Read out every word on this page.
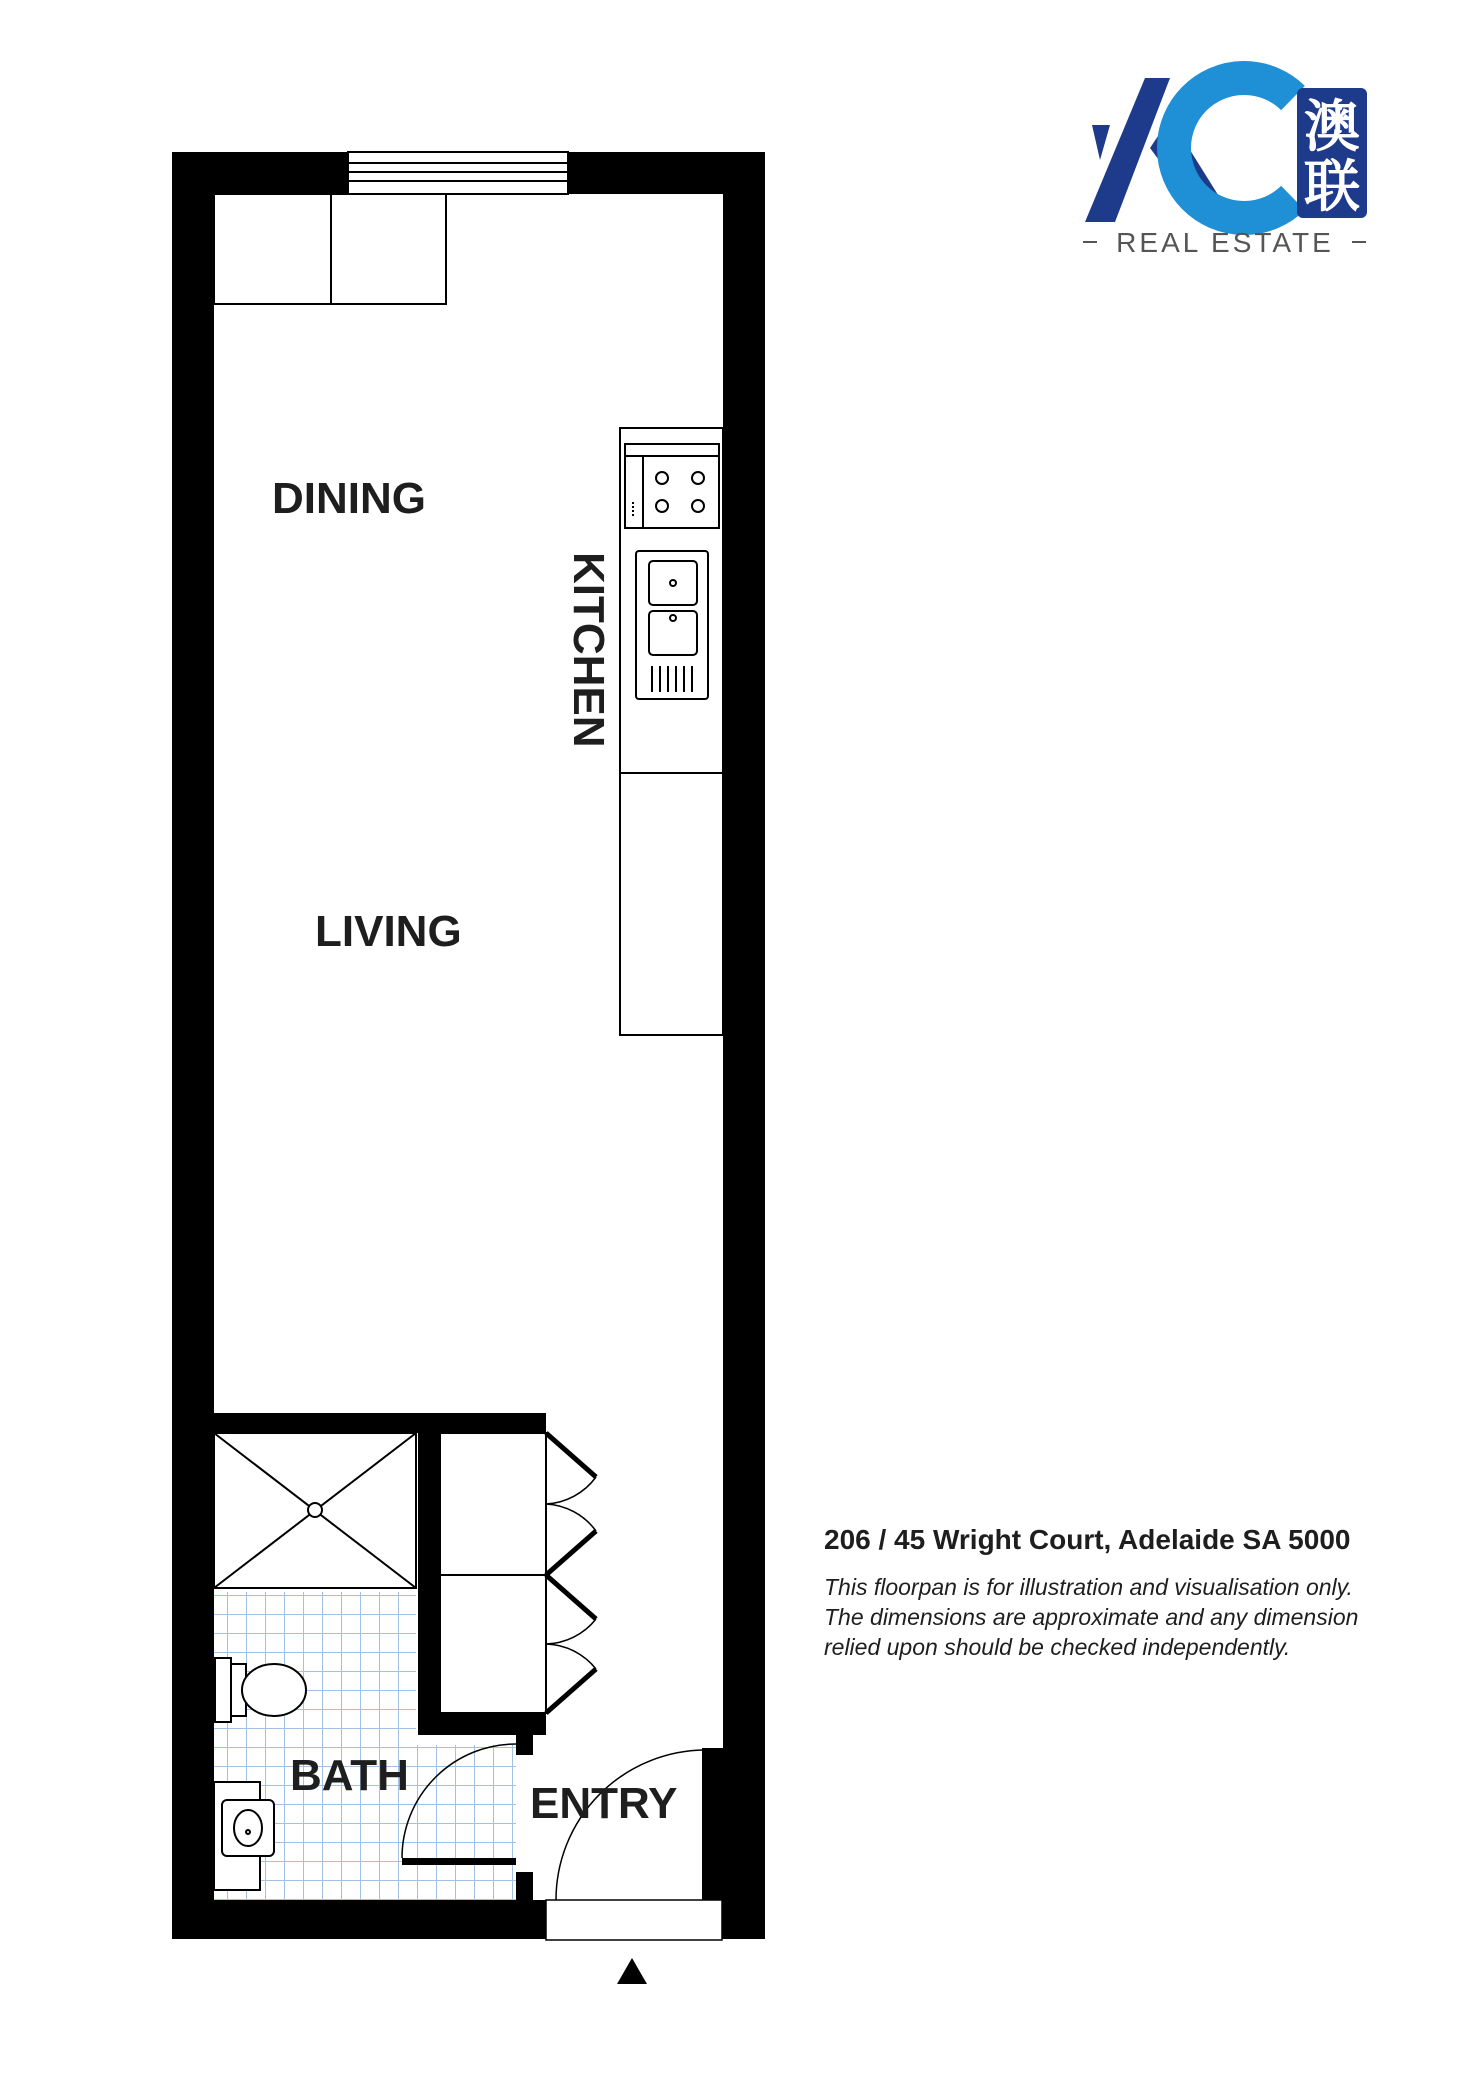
DINING
LIVING
KITCHEN
BATH
ENTRY
澳
联
REAL ESTATE
206 / 45 Wright Court, Adelaide SA 5000

This floorpan is for illustration and visualisation only.

The dimensions are approximate and any dimension

relied upon should be checked independently.
